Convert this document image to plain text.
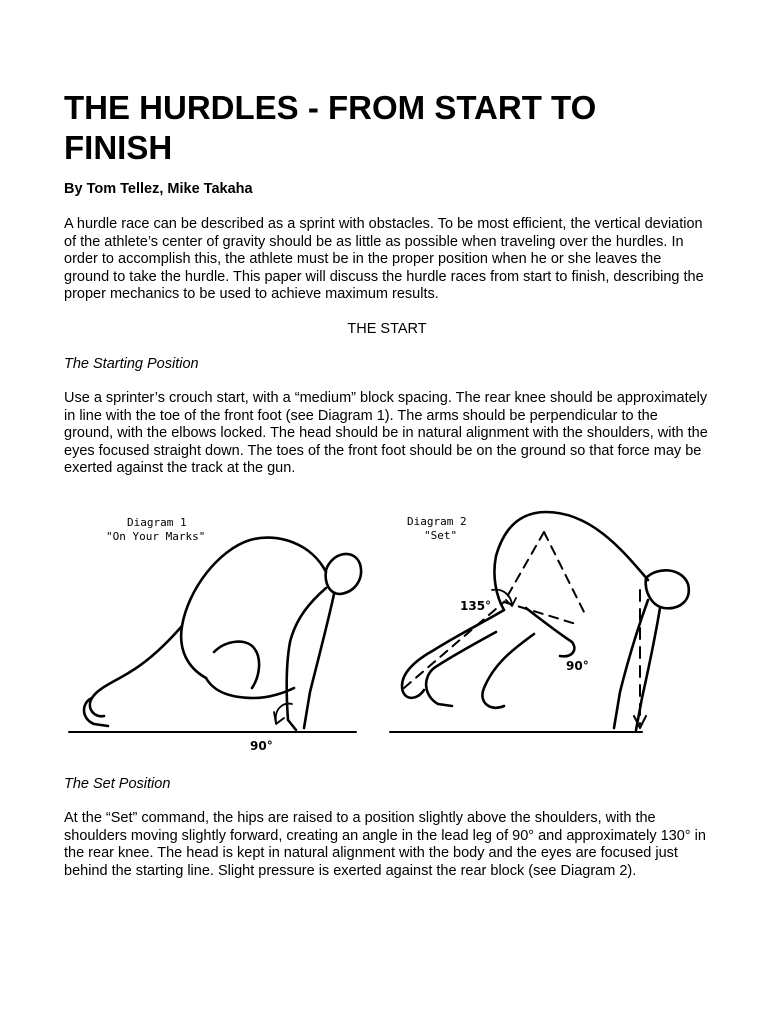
THE HURDLES - FROM START TO FINISH

By Tom Tellez, Mike Takaha

A hurdle race can be described as a sprint with obstacles. To be most efficient, the vertical deviation of the athlete’s center of gravity should be as little as possible when traveling over the hurdles. In order to accomplish this, the athlete must be in the proper position when he or she leaves the ground to take the hurdle. This paper will discuss the hurdle races from start to finish, describing the proper mechanics to be used to achieve maximum results.

THE START

The Starting Position

Use a sprinter’s crouch start, with a “medium” block spacing. The rear knee should be approximately in line with the toe of the front foot (see Diagram 1). The arms should be perpendicular to the ground, with the elbows locked. The head should be in natural alignment with the shoulders, with the eyes focused straight down. The toes of the front foot should be on the ground so that force may be exerted against the track at the gun.

The Set Position

At the “Set” command, the hips are raised to a position slightly above the shoulders, with the shoulders moving slightly forward, creating an angle in the lead leg of 90° and approximately 130° in the rear knee. The head is kept in natural alignment with the body and the eyes are focused just behind the starting line. Slight pressure is exerted against the rear block (see Diagram 2).

Diagram 1
"On Your Marks"
90°
Diagram 2
"Set"
135°
90°
